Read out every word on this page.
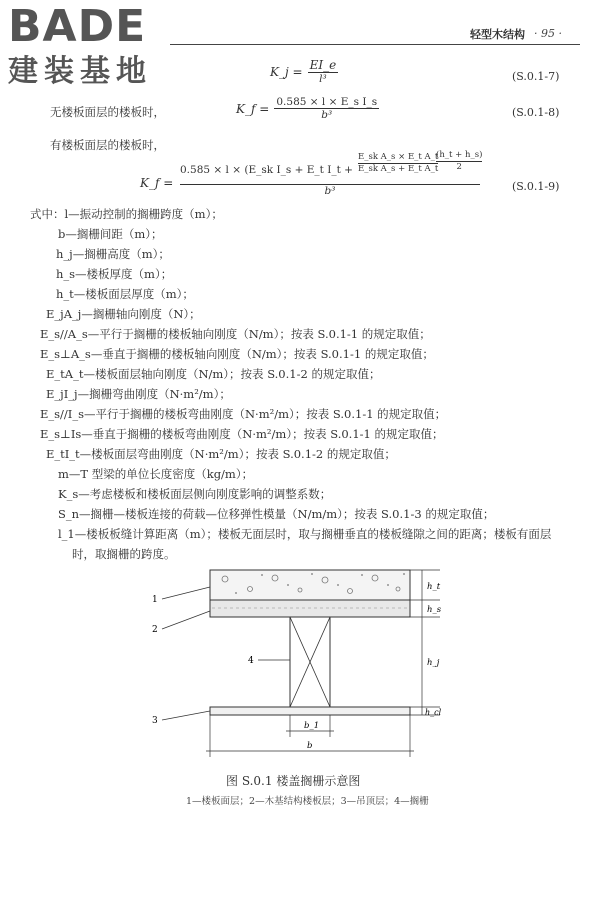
BADE
建装基地
轻型木结构 · 95 ·
K_j = $\frac{EI\_e}{\text{l³}}$	(S.0.1-7)
无楼板面层的楼板时，	K_f = $\frac{\text{0.585 × l × E\_s I\_s}}{\text{b³}}$	(S.0.1-8)
有楼板面层的楼板时，
K_f =
0.585 × l × (E_sk I_s + E_t I_t + $\frac{\text{E\_sk A\_s × E\_t A\_t}}{\text{E\_sk A\_s + E\_t A\_t}}$
$\frac{(h\_t + h\_s)}{2}$
b³	(S.0.1-9)
式中：l—振动控制的搁栅跨度（m）；
b—搁栅间距（m）；
h_j—搁栅高度（m）；
h_s—楼板厚度（m）；
h_t—楼板面层厚度（m）；
E_jA_j—搁栅轴向刚度（N）；
E_s//A_s—平行于搁栅的楼板轴向刚度（N/m）；按表 S.0.1-1 的规定取值；
E_s⊥A_s—垂直于搁栅的楼板轴向刚度（N/m）；按表 S.0.1-1 的规定取值；
E_tA_t—楼板面层轴向刚度（N/m）；按表 S.0.1-2 的规定取值；
E_jI_j—搁栅弯曲刚度（N·m²/m）；
E_s//I_s—平行于搁栅的楼板弯曲刚度（N·m²/m）；按表 S.0.1-1 的规定取值；
E_s⊥Is—垂直于搁栅的楼板弯曲刚度（N·m²/m）；按表 S.0.1-1 的规定取值；
E_tI_t—楼板面层弯曲刚度（N·m²/m）；按表 S.0.1-2 的规定取值；
m—T 型梁的单位长度密度（kg/m）；
K_s—考虑楼板和楼板面层侧向刚度影响的调整系数；
S_n—搁栅—楼板连接的荷载—位移弹性模量（N/m/m）；按表 S.0.1-3 的规定取值；
l_1—楼板板缝计算距离（m）；楼板无面层时，取与搁栅垂直的楼板缝隙之间的距离；楼板有面层
时，取搁栅的跨度。
1
2
3
4
h_t
h_s
h_j
h_cl
b_1
b
图 S.0.1 楼盖搁栅示意图
1—楼板面层；2—木基结构楼板层；3—吊顶层；4—搁栅
